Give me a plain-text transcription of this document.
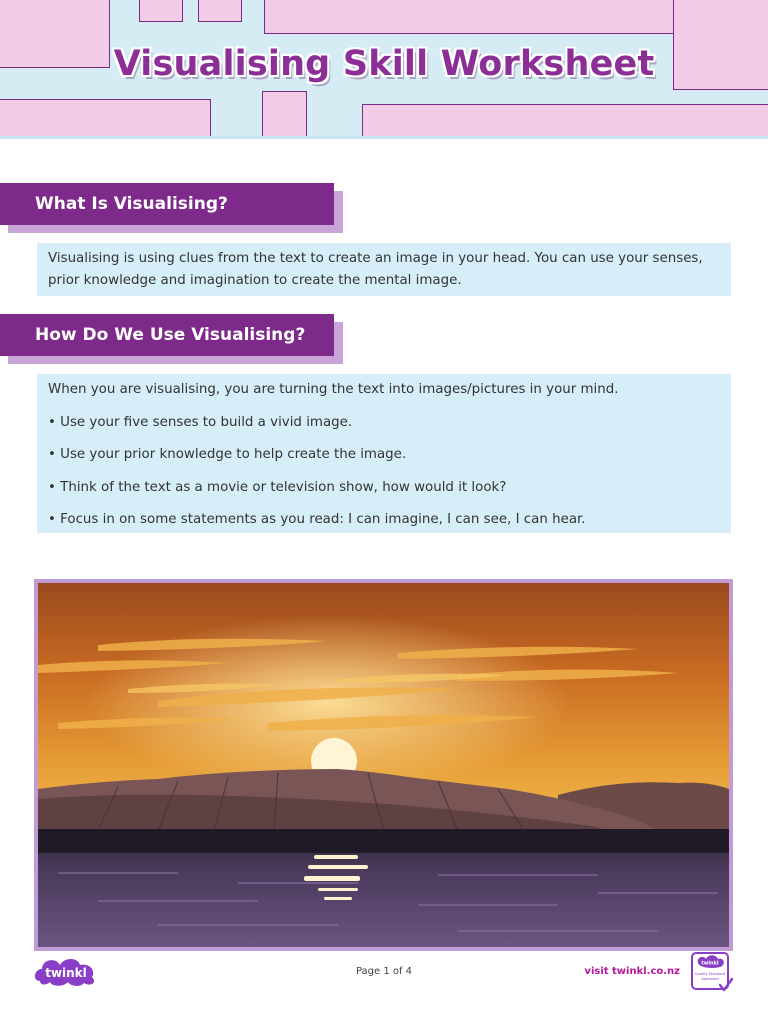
Visualising Skill Worksheet
What Is Visualising?

Visualising is using clues from the text to create an image in your head. You can use your senses, prior knowledge and imagination to create the mental image.

How Do We Use Visualising?

When you are visualising, you are turning the text into images/pictures in your mind.

• Use your five senses to build a vivid image.

• Use your prior knowledge to help create the image.

• Think of the text as a movie or television show, how would it look?

• Focus in on some statements as you read: I can imagine, I can see, I can hear.

twinkl	Page 1 of 4	visit twinkl.co.nz
twinkl
Quality Standard
Approved
